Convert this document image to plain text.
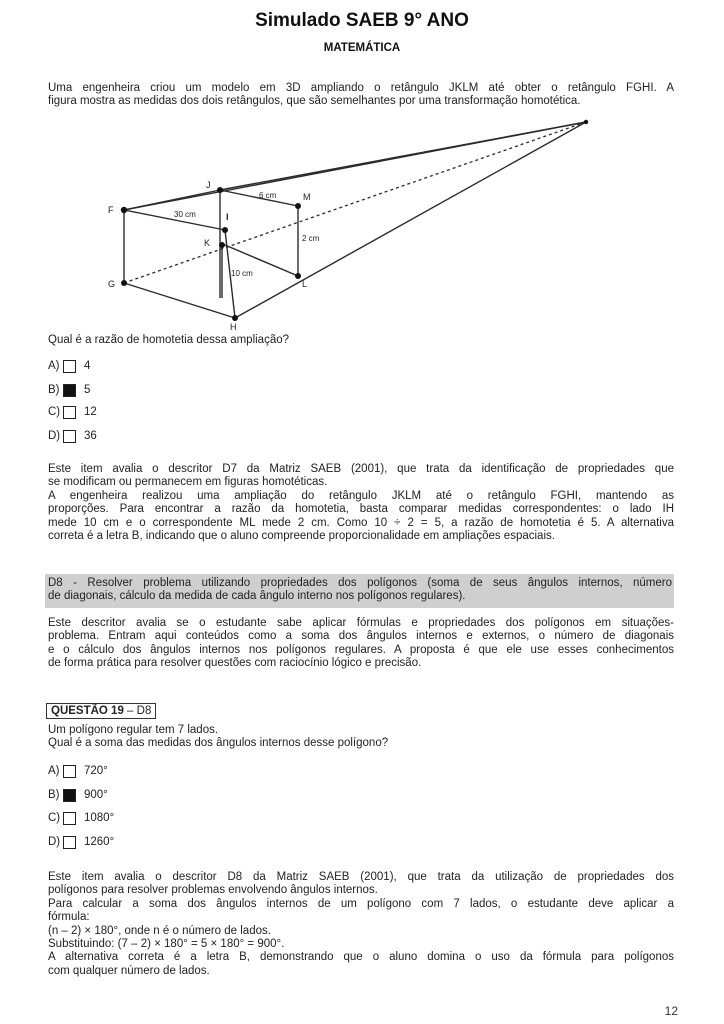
Simulado SAEB 9° ANO
MATEMÁTICA
Uma engenheira criou um modelo em 3D ampliando o retângulo JKLM até obter o retângulo FGHI. A
figura mostra as medidas dos dois retângulos, que são semelhantes por uma transformação homotética.
J
M
F
I
K
G	L
H
6 cm
30 cm
2 cm
10 cm
Qual é a razão de homotetia dessa ampliação?
A)	4
B)	5
C) 12
D) 36
Este item avalia o descritor D7 da Matriz SAEB (2001), que trata da identificação de propriedades que
se modificam ou permanecem em figuras homotéticas.
A engenheira realizou uma ampliação do retângulo JKLM até o retângulo FGHI, mantendo as
proporções. Para encontrar a razão da homotetia, basta comparar medidas correspondentes: o lado IH
mede 10 cm e o correspondente ML mede 2 cm. Como 10 ÷ 2 = 5, a razão de homotetia é 5. A alternativa
correta é a letra B, indicando que o aluno compreende proporcionalidade em ampliações espaciais.
D8 - Resolver problema utilizando propriedades dos polígonos (soma de seus ângulos internos, número
de diagonais, cálculo da medida de cada ângulo interno nos polígonos regulares).
Este descritor avalia se o estudante sabe aplicar fórmulas e propriedades dos polígonos em situações-
problema. Entram aqui conteúdos como a soma dos ângulos internos e externos, o número de diagonais
e o cálculo dos ângulos internos nos polígonos regulares. A proposta é que ele use esses conhecimentos
de forma prática para resolver questões com raciocínio lógico e precisão.
QUESTÃO 19 – D8
Um polígono regular tem 7 lados.
Qual é a soma das medidas dos ângulos internos desse polígono?
A)	720°
B)	900°
C) 1080°
D) 1260°
Este item avalia o descritor D8 da Matriz SAEB (2001), que trata da utilização de propriedades dos
polígonos para resolver problemas envolvendo ângulos internos.
Para calcular a soma dos ângulos internos de um polígono com 7 lados, o estudante deve aplicar a
fórmula:
(n – 2) × 180°, onde n é o número de lados.
Substituindo: (7 – 2) × 180° = 5 × 180° = 900°.
A alternativa correta é a letra B, demonstrando que o aluno domina o uso da fórmula para polígonos
com qualquer número de lados.
12
